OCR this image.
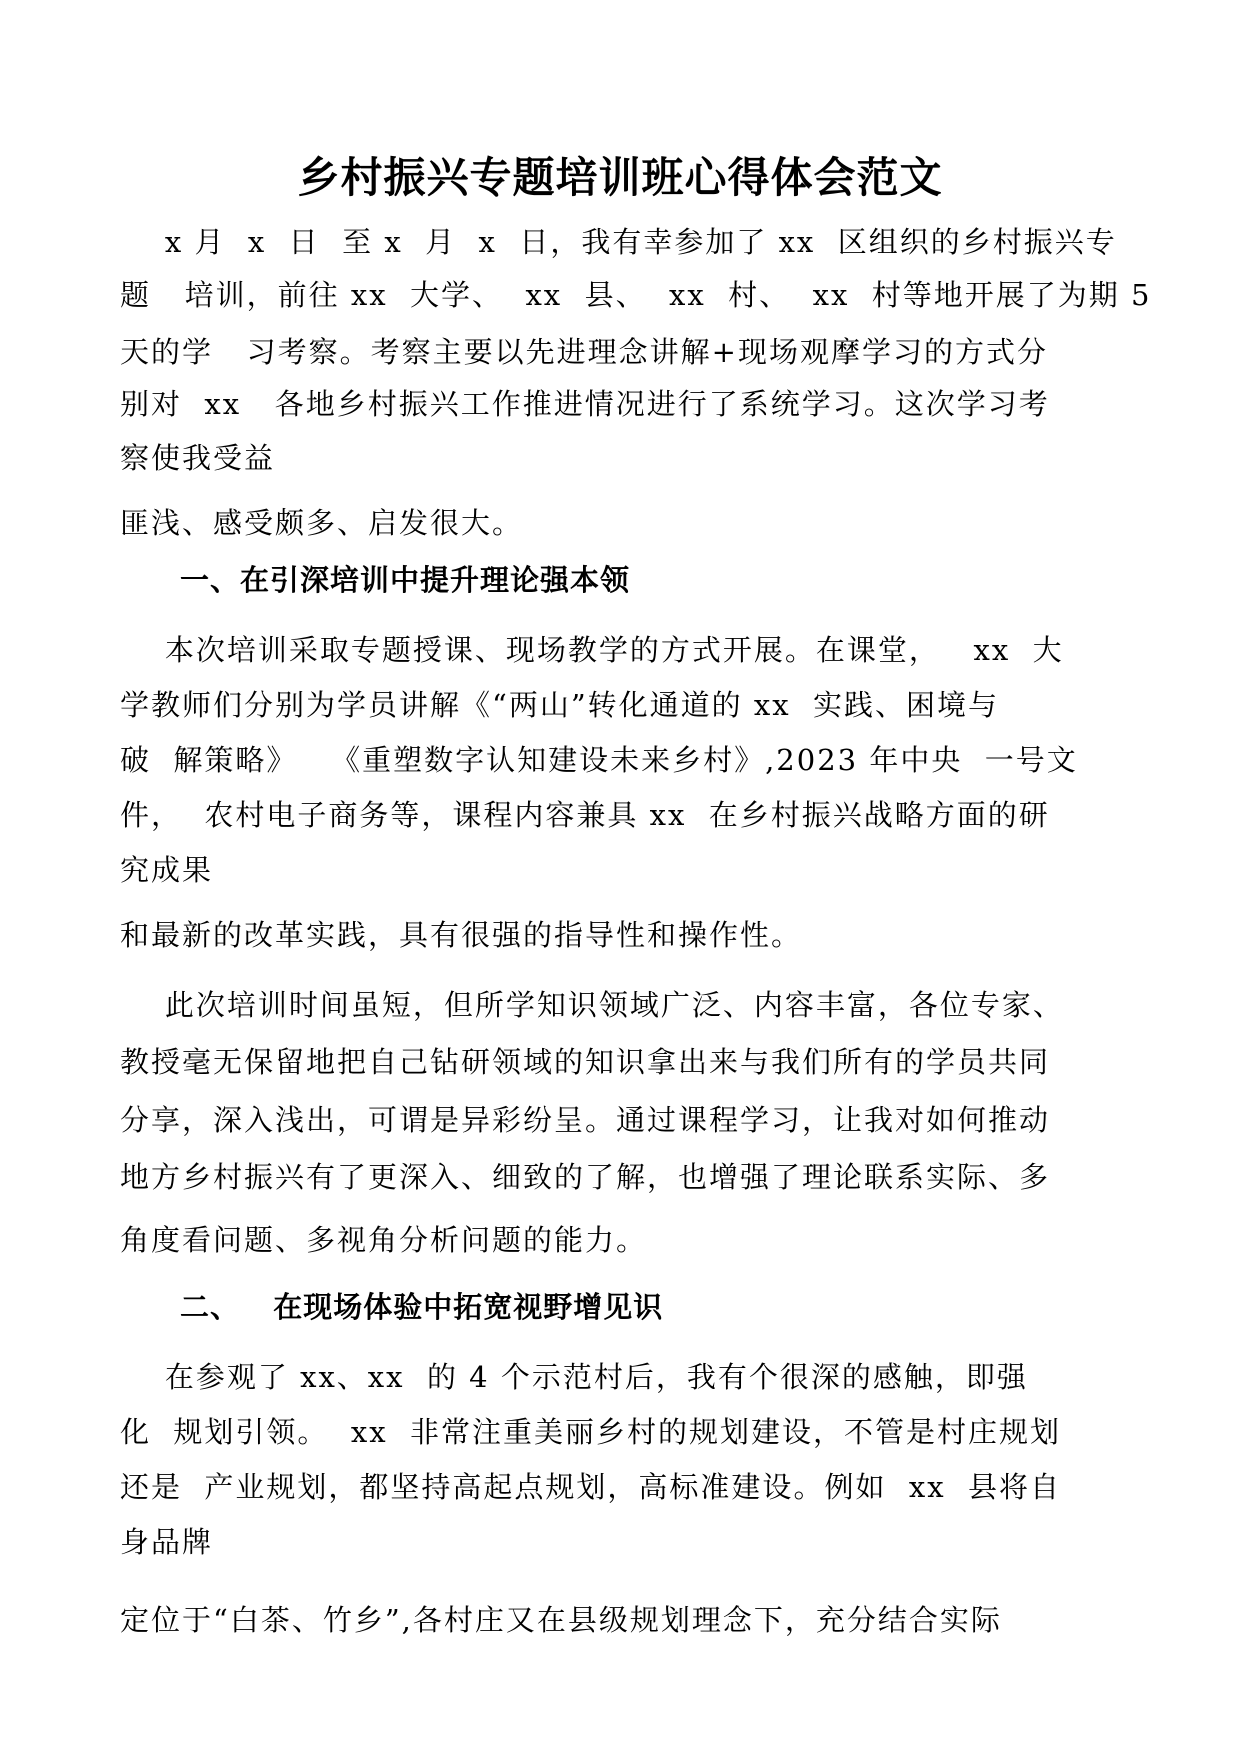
乡村振兴专题培训班心得体会范文
x 月  x  日  至 x  月  x  日，我有幸参加了 xx  区组织的乡村振兴专
题   培训，前往 xx  大学、  xx  县、  xx  村、  xx  村等地开展了为期 5
天的学   习考察。考察主要以先进理念讲解+现场观摩学习的方式分
别对  xx   各地乡村振兴工作推进情况进行了系统学习。这次学习考
察使我受益
匪浅、感受颇多、启发很大。
一、在引深培训中提升理论强本领
本次培训采取专题授课、现场教学的方式开展。在课堂，   xx  大
学教师们分别为学员讲解《“两山”转化通道的 xx  实践、困境与
破  解策略》   《重塑数字认知建设未来乡村》,2023 年中央  一号文
件，  农村电子商务等，课程内容兼具 xx  在乡村振兴战略方面的研
究成果
和最新的改革实践，具有很强的指导性和操作性。
此次培训时间虽短，但所学知识领域广泛、内容丰富，各位专家、
教授毫无保留地把自己钻研领域的知识拿出来与我们所有的学员共同
分享，深入浅出，可谓是异彩纷呈。通过课程学习，让我对如何推动
地方乡村振兴有了更深入、细致的了解，也增强了理论联系实际、多
角度看问题、多视角分析问题的能力。
二、   在现场体验中拓宽视野增见识
在参观了 xx、xx  的 4 个示范村后，我有个很深的感触，即强
化  规划引领。  xx  非常注重美丽乡村的规划建设，不管是村庄规划
还是  产业规划，都坚持高起点规划，高标准建设。例如  xx  县将自
身品牌
定位于“白茶、竹乡”,各村庄又在县级规划理念下，充分结合实际
